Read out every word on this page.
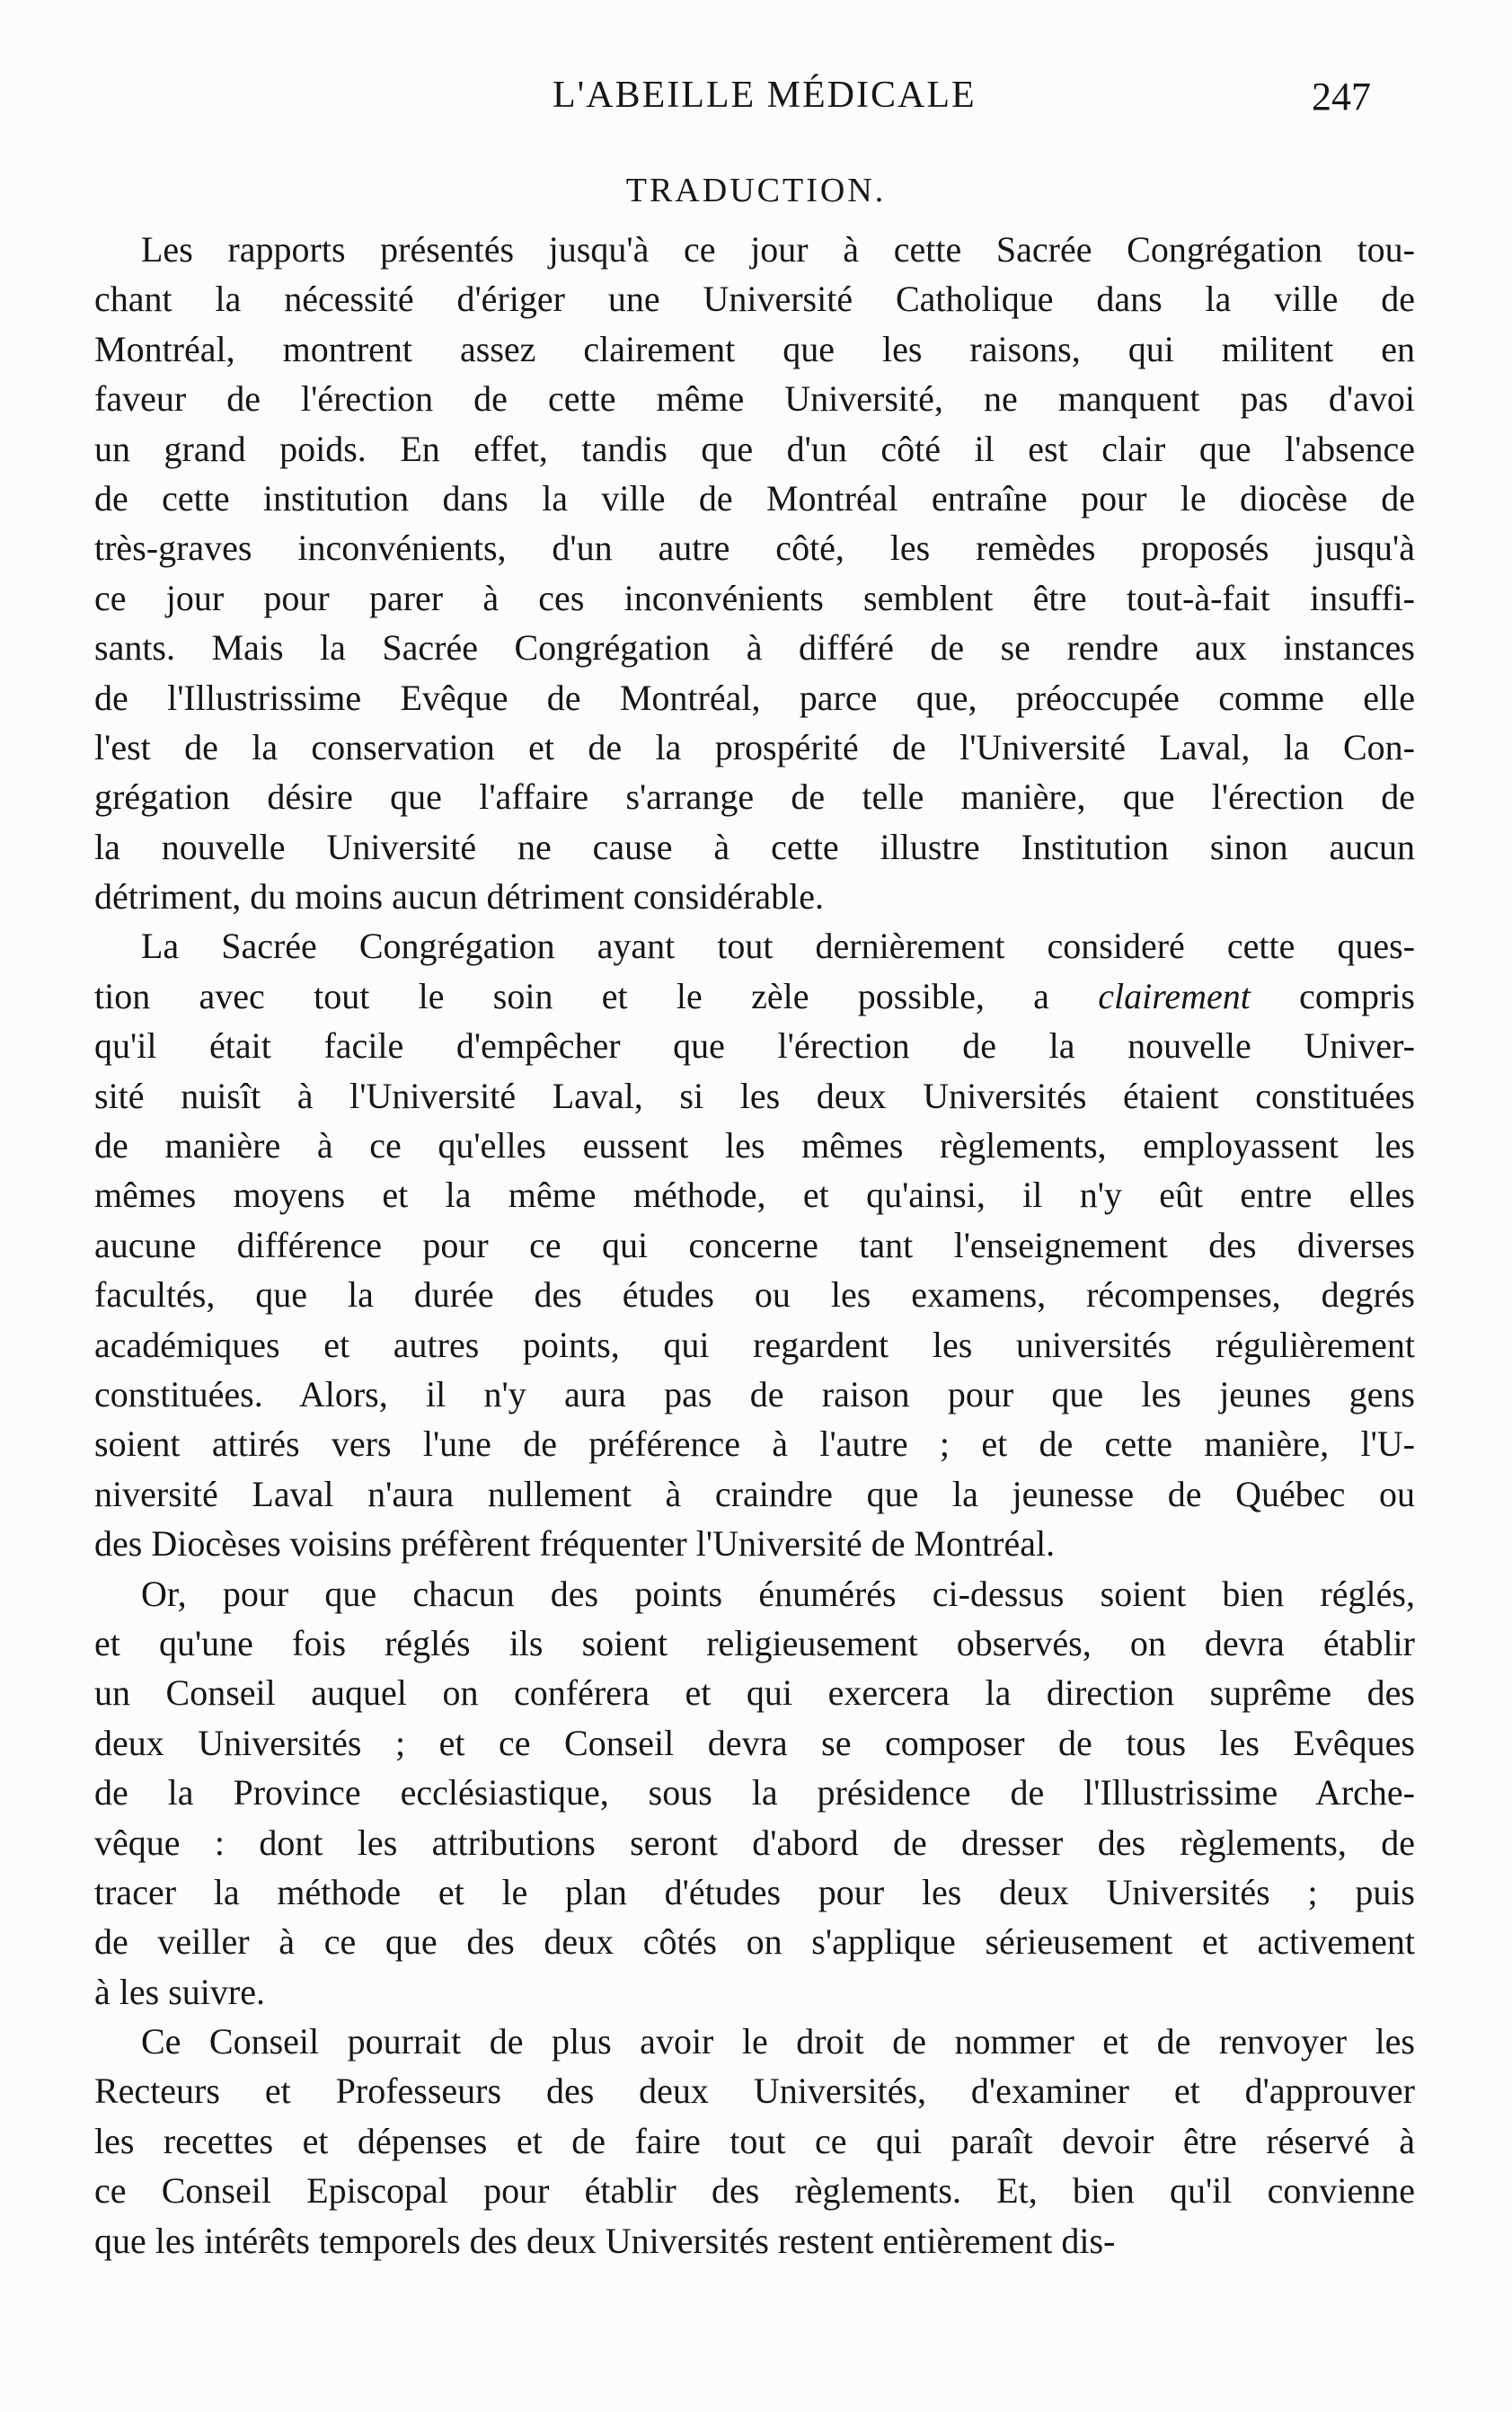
L'ABEILLE MÉDICALE	247
TRADUCTION.
Les rapports présentés jusqu'à ce jour à cette Sacrée Congrégation tou-
chant la nécessité d'ériger une Université Catholique dans la ville de
Montréal, montrent assez clairement que les raisons, qui militent en
faveur de l'érection de cette même Université, ne manquent pas d'avoi
un grand poids. En effet, tandis que d'un côté il est clair que l'absence
de cette institution dans la ville de Montréal entraîne pour le diocèse de
très-graves inconvénients, d'un autre côté, les remèdes proposés jusqu'à
ce jour pour parer à ces inconvénients semblent être tout-à-fait insuffi-
sants. Mais la Sacrée Congrégation à différé de se rendre aux instances
de l'Illustrissime Evêque de Montréal, parce que, préoccupée comme elle
l'est de la conservation et de la prospérité de l'Université Laval, la Con-
grégation désire que l'affaire s'arrange de telle manière, que l'érection de
la nouvelle Université ne cause à cette illustre Institution sinon aucun
détriment, du moins aucun détriment considérable.
La Sacrée Congrégation ayant tout dernièrement consideré cette ques-
tion avec tout le soin et le zèle possible, a clairement compris
qu'il était facile d'empêcher que l'érection de la nouvelle Univer-
sité nuisît à l'Université Laval, si les deux Universités étaient constituées
de manière à ce qu'elles eussent les mêmes règlements, employassent les
mêmes moyens et la même méthode, et qu'ainsi, il n'y eût entre elles
aucune différence pour ce qui concerne tant l'enseignement des diverses
facultés, que la durée des études ou les examens, récompenses, degrés
académiques et autres points, qui regardent les universités régulièrement
constituées. Alors, il n'y aura pas de raison pour que les jeunes gens
soient attirés vers l'une de préférence à l'autre ; et de cette manière, l'U-
niversité Laval n'aura nullement à craindre que la jeunesse de Québec ou
des Diocèses voisins préfèrent fréquenter l'Université de Montréal.
Or, pour que chacun des points énumérés ci-dessus soient bien réglés,
et qu'une fois réglés ils soient religieusement observés, on devra établir
un Conseil auquel on conférera et qui exercera la direction suprême des
deux Universités ; et ce Conseil devra se composer de tous les Evêques
de la Province ecclésiastique, sous la présidence de l'Illustrissime Arche-
vêque : dont les attributions seront d'abord de dresser des règlements, de
tracer la méthode et le plan d'études pour les deux Universités ; puis
de veiller à ce que des deux côtés on s'applique sérieusement et activement
à les suivre.
Ce Conseil pourrait de plus avoir le droit de nommer et de renvoyer les
Recteurs et Professeurs des deux Universités, d'examiner et d'approuver
les recettes et dépenses et de faire tout ce qui paraît devoir être réservé à
ce Conseil Episcopal pour établir des règlements. Et, bien qu'il convienne
que les intérêts temporels des deux Universités restent entièrement dis-
